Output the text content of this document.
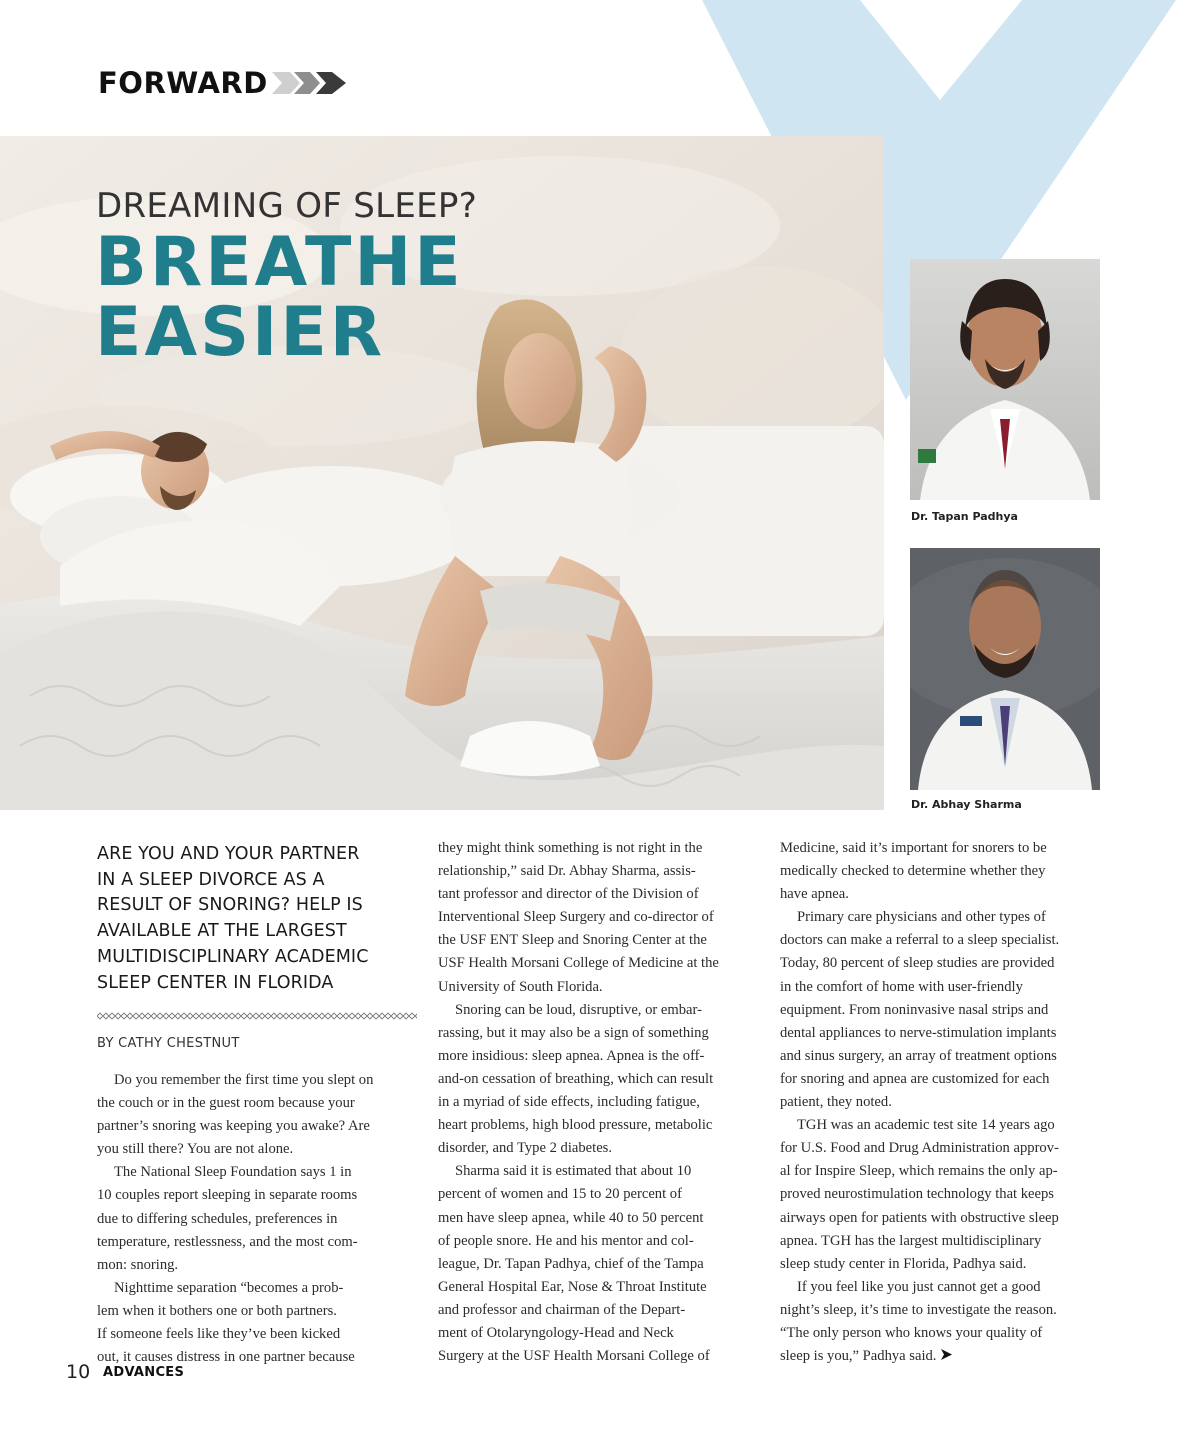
FORWARD
DREAMING OF SLEEP?
BREATHE
EASIER
Dr. Tapan Padhya
Dr. Abhay Sharma
ARE YOU AND YOUR PARTNER
IN A SLEEP DIVORCE AS A
RESULT OF SNORING? HELP IS
AVAILABLE AT THE LARGEST
MULTIDISCIPLINARY ACADEMIC
SLEEP CENTER IN FLORIDA
BY CATHY CHESTNUT

Do you remember the first time you slept on
the couch or in the guest room because your
partner’s snoring was keeping you awake? Are
you still there? You are not alone.

The National Sleep Foundation says 1 in
10 couples report sleeping in separate rooms
due to differing schedules, preferences in
temperature, restlessness, and the most com-
mon: snoring.

Nighttime separation “becomes a prob-
lem when it bothers one or both partners.
If someone feels like they’ve been kicked
out, it causes distress in one partner because

they might think something is not right in the
relationship,” said Dr. Abhay Sharma, assis-
tant professor and director of the Division of
Interventional Sleep Surgery and co-director of
the USF ENT Sleep and Snoring Center at the
USF Health Morsani College of Medicine at the
University of South Florida.

Snoring can be loud, disruptive, or embar-
rassing, but it may also be a sign of something
more insidious: sleep apnea. Apnea is the off-
and-on cessation of breathing, which can result
in a myriad of side effects, including fatigue,
heart problems, high blood pressure, metabolic
disorder, and Type 2 diabetes.

Sharma said it is estimated that about 10
percent of women and 15 to 20 percent of
men have sleep apnea, while 40 to 50 percent
of people snore. He and his mentor and col-
league, Dr. Tapan Padhya, chief of the Tampa
General Hospital Ear, Nose & Throat Institute
and professor and chairman of the Depart-
ment of Otolaryngology-Head and Neck
Surgery at the USF Health Morsani College of

Medicine, said it’s important for snorers to be
medically checked to determine whether they
have apnea.

Primary care physicians and other types of
doctors can make a referral to a sleep specialist.
Today, 80 percent of sleep studies are provided
in the comfort of home with user-friendly
equipment. From noninvasive nasal strips and
dental appliances to nerve-stimulation implants
and sinus surgery, an array of treatment options
for snoring and apnea are customized for each
patient, they noted.

TGH was an academic test site 14 years ago
for U.S. Food and Drug Administration approv-
al for Inspire Sleep, which remains the only ap-
proved neurostimulation technology that keeps
airways open for patients with obstructive sleep
apnea. TGH has the largest multidisciplinary
sleep study center in Florida, Padhya said.

If you feel like you just cannot get a good
night’s sleep, it’s time to investigate the reason.
“The only person who knows your quality of
sleep is you,” Padhya said.

10 ADVANCES
